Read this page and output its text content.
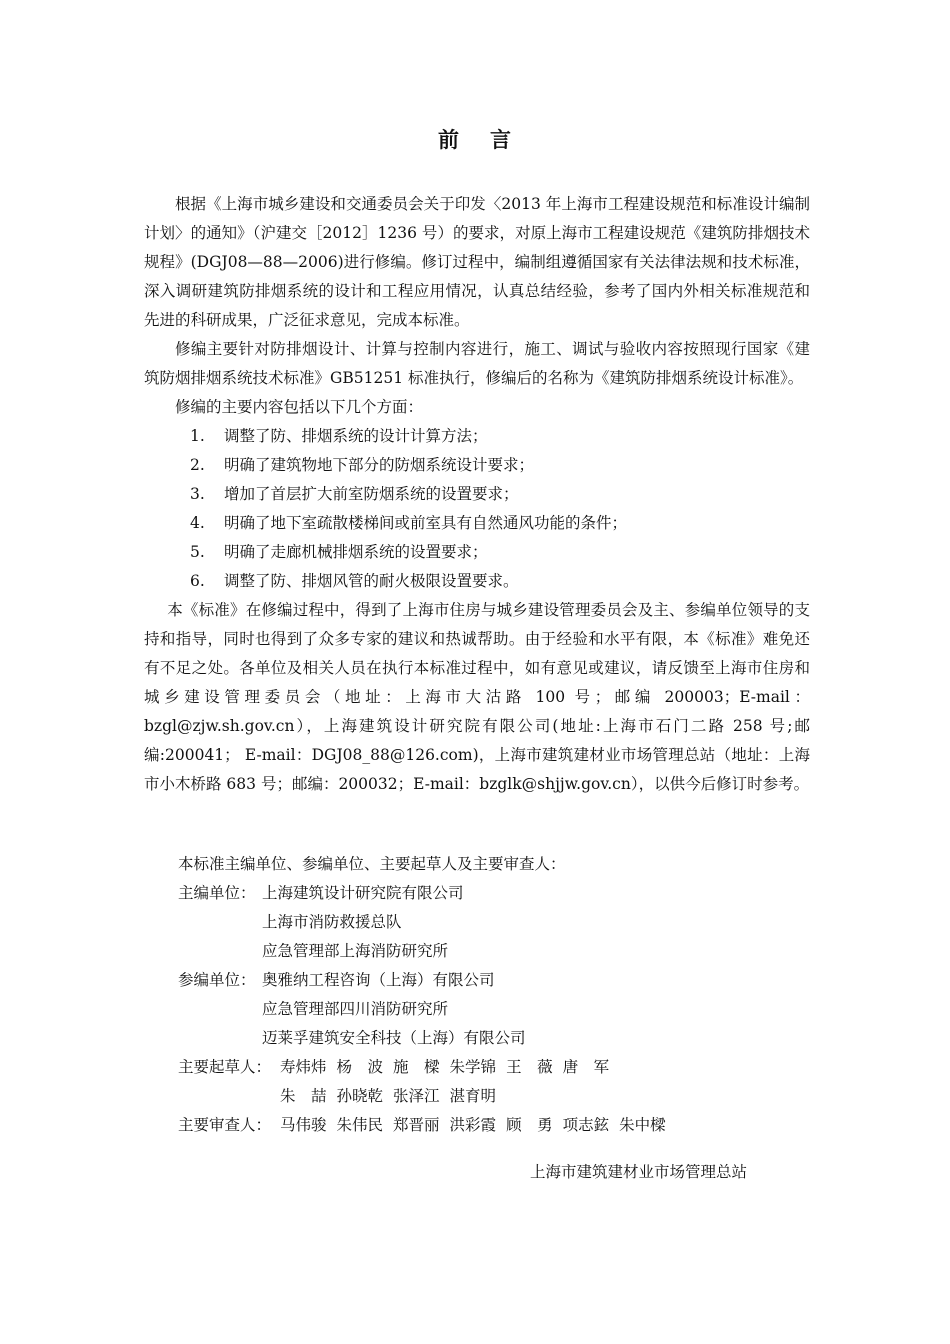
前 言

根据《上海市城乡建设和交通委员会关于印发〈2013 年上海市工程建设规范和标准设计编制计划〉的通知》（沪建交［2012］1236 号）的要求，对原上海市工程建设规范《建筑防排烟技术规程》(DGJ08—88—2006)进行修编。修订过程中，编制组遵循国家有关法律法规和技术标准，深入调研建筑防排烟系统的设计和工程应用情况，认真总结经验，参考了国内外相关标准规范和先进的科研成果，广泛征求意见，完成本标准。

修编主要针对防排烟设计、计算与控制内容进行，施工、调试与验收内容按照现行国家《建筑防烟排烟系统技术标准》GB51251 标准执行，修编后的名称为《建筑防排烟系统设计标准》。

修编的主要内容包括以下几个方面：

1. 调整了防、排烟系统的设计计算方法；
2. 明确了建筑物地下部分的防烟系统设计要求；
3. 增加了首层扩大前室防烟系统的设置要求；
4. 明确了地下室疏散楼梯间或前室具有自然通风功能的条件；
5. 明确了走廊机械排烟系统的设置要求；
6. 调整了防、排烟风管的耐火极限设置要求。

本《标准》在修编过程中，得到了上海市住房与城乡建设管理委员会及主、参编单位领导的支持和指导，同时也得到了众多专家的建议和热诚帮助。由于经验和水平有限，本《标准》难免还有不足之处。各单位及相关人员在执行本标准过程中，如有意见或建议，请反馈至上海市住房和城乡建设管理委员会（地址：上海市大沽路 100 号；邮编 200003；E-mail：bzgl@zjw.sh.gov.cn），上海建筑设计研究院有限公司(地址:上海市石门二路 258 号;邮编:200041； E-mail：DGJ08_88@126.com)，上海市建筑建材业市场管理总站（地址：上海市小木桥路 683 号；邮编：200032；E-mail：bzglk@shjjw.gov.cn），以供今后修订时参考。

本标准主编单位、参编单位、主要起草人及主要审查人：
主编单位： 上海建筑设计研究院有限公司
上海市消防救援总队
应急管理部上海消防研究所
参编单位： 奥雅纳工程咨询（上海）有限公司
应急管理部四川消防研究所
迈莱孚建筑安全科技（上海）有限公司
主要起草人： 寿炜炜 杨　波 施　樑 朱学锦 王　薇 唐　军
朱　喆 孙晓乾 张泽江 湛育明
主要审查人： 马伟骏 朱伟民 郑晋丽 洪彩霞 顾　勇 项志鉉 朱中樑
上海市建筑建材业市场管理总站
